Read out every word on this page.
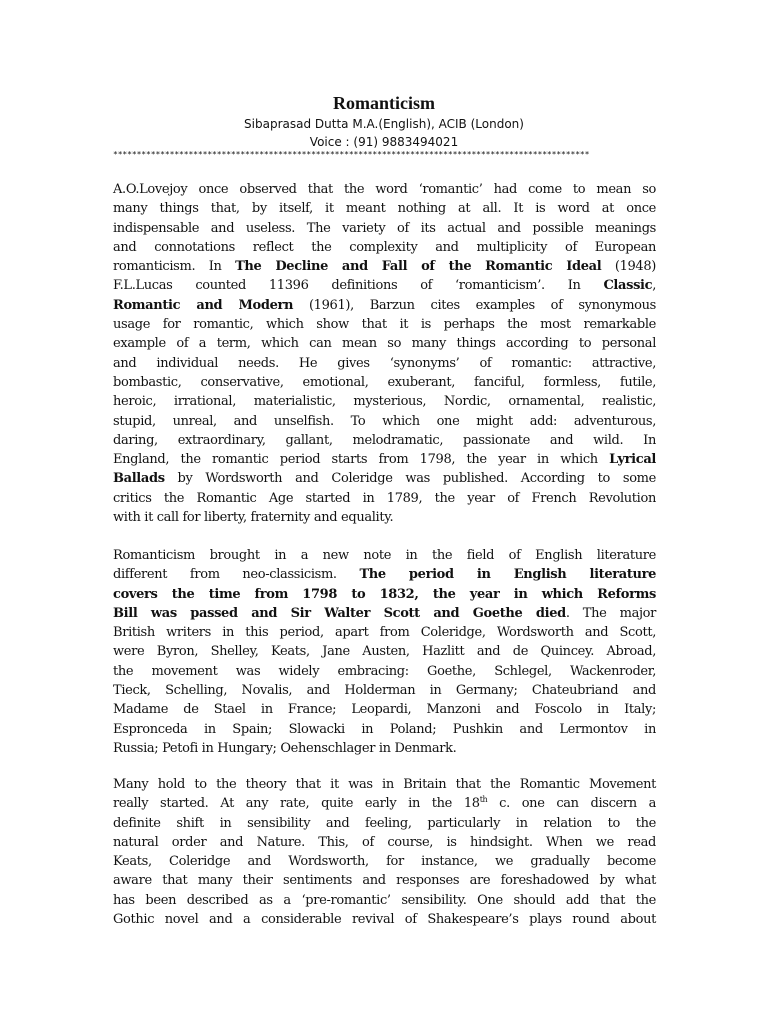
Romanticism
Sibaprasad Dutta M.A.(English), ACIB (London)
Voice : (91) 9883494021
*****************************************************************************************************
A.O.Lovejoy once observed that the word ‘romantic’ had come to mean so
many things that, by itself, it meant nothing at all. It is word at once
indispensable and useless. The variety of its actual and possible meanings
and connotations reflect the complexity and multiplicity of European
romanticism. In The Decline and Fall of the Romantic Ideal (1948)
F.L.Lucas counted 11396 definitions of ‘romanticism’. In Classic,
Romantic and Modern (1961), Barzun cites examples of synonymous
usage for romantic, which show that it is perhaps the most remarkable
example of a term, which can mean so many things according to personal
and individual needs. He gives ‘synonyms’ of romantic: attractive,
bombastic, conservative, emotional, exuberant, fanciful, formless, futile,
heroic, irrational, materialistic, mysterious, Nordic, ornamental, realistic,
stupid, unreal, and unselfish. To which one might add: adventurous,
daring, extraordinary, gallant, melodramatic, passionate and wild. In
England, the romantic period starts from 1798, the year in which Lyrical
Ballads by Wordsworth and Coleridge was published. According to some
critics the Romantic Age started in 1789, the year of French Revolution
with it call for liberty, fraternity and equality.
Romanticism brought in a new note in the field of English literature
different from neo-classicism. The period in English literature
covers the time from 1798 to 1832, the year in which Reforms
Bill was passed and Sir Walter Scott and Goethe died. The major
British writers in this period, apart from Coleridge, Wordsworth and Scott,
were Byron, Shelley, Keats, Jane Austen, Hazlitt and de Quincey. Abroad,
the movement was widely embracing: Goethe, Schlegel, Wackenroder,
Tieck, Schelling, Novalis, and Holderman in Germany; Chateubriand and
Madame de Stael in France; Leopardi, Manzoni and Foscolo in Italy;
Espronceda in Spain; Slowacki in Poland; Pushkin and Lermontov in
Russia; Petofi in Hungary; Oehenschlager in Denmark.
Many hold to the theory that it was in Britain that the Romantic Movement
really started. At any rate, quite early in the 18th c. one can discern a
definite shift in sensibility and feeling, particularly in relation to the
natural order and Nature. This, of course, is hindsight. When we read
Keats, Coleridge and Wordsworth, for instance, we gradually become
aware that many their sentiments and responses are foreshadowed by what
has been described as a ‘pre-romantic’ sensibility. One should add that the
Gothic novel and a considerable revival of Shakespeare’s plays round about
